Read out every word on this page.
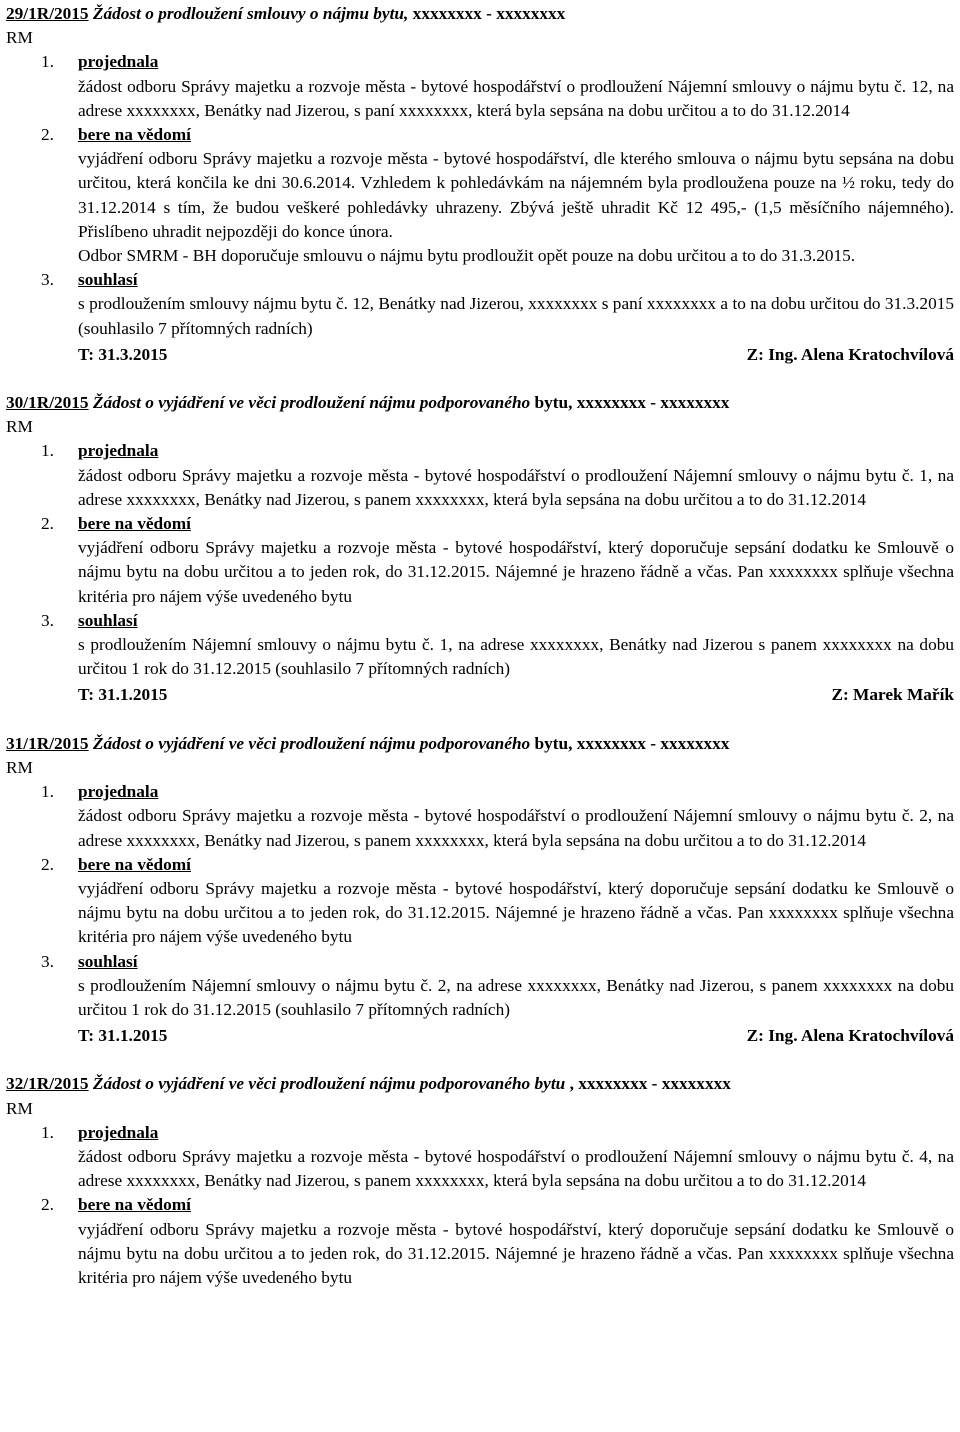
29/1R/2015 Žádost o prodloužení smlouvy o nájmu bytu, xxxxxxxx - xxxxxxxx
RM
1. projednala
žádost odboru Správy majetku a rozvoje města - bytové hospodářství o prodloužení Nájemní smlouvy o nájmu bytu č. 12, na adrese xxxxxxxx, Benátky nad Jizerou, s paní xxxxxxxx, která byla sepsána na dobu určitou a to do 31.12.2014
2. bere na vědomí
vyjádření odboru Správy majetku a rozvoje města - bytové hospodářství, dle kterého smlouva o nájmu bytu sepsána na dobu určitou, která končila ke dni 30.6.2014. Vzhledem k pohledávkám na nájemném byla prodloužena pouze na ½ roku, tedy do 31.12.2014 s tím, že budou veškeré pohledávky uhrazeny. Zbývá ještě uhradit Kč 12 495,- (1,5 měsíčního nájemného). Přislíbeno uhradit nejpozději do konce února.
Odbor SMRM - BH doporučuje smlouvu o nájmu bytu prodloužit opět pouze na dobu určitou a to do 31.3.2015.
3. souhlasí
s prodloužením smlouvy nájmu bytu č. 12, Benátky nad Jizerou, xxxxxxxx s paní xxxxxxxx a to na dobu určitou do 31.3.2015 (souhlasilo 7 přítomných radních)
T: 31.3.2015	Z: Ing. Alena Kratochvílová
30/1R/2015 Žádost o vyjádření ve věci prodloužení nájmu podporovaného bytu, xxxxxxxx - xxxxxxxx
RM
1. projednala
žádost odboru Správy majetku a rozvoje města - bytové hospodářství o prodloužení Nájemní smlouvy o nájmu bytu č. 1, na adrese xxxxxxxx, Benátky nad Jizerou, s panem xxxxxxxx, která byla sepsána na dobu určitou a to do 31.12.2014
2. bere na vědomí
vyjádření odboru Správy majetku a rozvoje města - bytové hospodářství, který doporučuje sepsání dodatku ke Smlouvě o nájmu bytu na dobu určitou a to jeden rok, do 31.12.2015. Nájemné je hrazeno řádně a včas. Pan xxxxxxxx splňuje všechna kritéria pro nájem výše uvedeného bytu
3. souhlasí
s prodloužením Nájemní smlouvy o nájmu bytu č. 1, na adrese xxxxxxxx, Benátky nad Jizerou s panem xxxxxxxx na dobu určitou 1 rok do 31.12.2015 (souhlasilo 7 přítomných radních)
T: 31.1.2015	Z: Marek Mařík
31/1R/2015 Žádost o vyjádření ve věci prodloužení nájmu podporovaného bytu, xxxxxxxx - xxxxxxxx
RM
1. projednala
žádost odboru Správy majetku a rozvoje města - bytové hospodářství o prodloužení Nájemní smlouvy o nájmu bytu č. 2, na adrese xxxxxxxx, Benátky nad Jizerou, s panem xxxxxxxx, která byla sepsána na dobu určitou a to do 31.12.2014
2. bere na vědomí
vyjádření odboru Správy majetku a rozvoje města - bytové hospodářství, který doporučuje sepsání dodatku ke Smlouvě o nájmu bytu na dobu určitou a to jeden rok, do 31.12.2015. Nájemné je hrazeno řádně a včas. Pan xxxxxxxx splňuje všechna kritéria pro nájem výše uvedeného bytu
3. souhlasí
s prodloužením Nájemní smlouvy o nájmu bytu č. 2, na adrese xxxxxxxx, Benátky nad Jizerou, s panem xxxxxxxx na dobu určitou 1 rok do 31.12.2015 (souhlasilo 7 přítomných radních)
T: 31.1.2015	Z: Ing. Alena Kratochvílová
32/1R/2015 Žádost o vyjádření ve věci prodloužení nájmu podporovaného bytu , xxxxxxxx - xxxxxxxx
RM
1. projednala
žádost odboru Správy majetku a rozvoje města - bytové hospodářství o prodloužení Nájemní smlouvy o nájmu bytu č. 4, na adrese xxxxxxxx, Benátky nad Jizerou, s panem xxxxxxxx, která byla sepsána na dobu určitou a to do 31.12.2014
2. bere na vědomí
vyjádření odboru Správy majetku a rozvoje města - bytové hospodářství, který doporučuje sepsání dodatku ke Smlouvě o nájmu bytu na dobu určitou a to jeden rok, do 31.12.2015. Nájemné je hrazeno řádně a včas. Pan xxxxxxxx splňuje všechna kritéria pro nájem výše uvedeného bytu
